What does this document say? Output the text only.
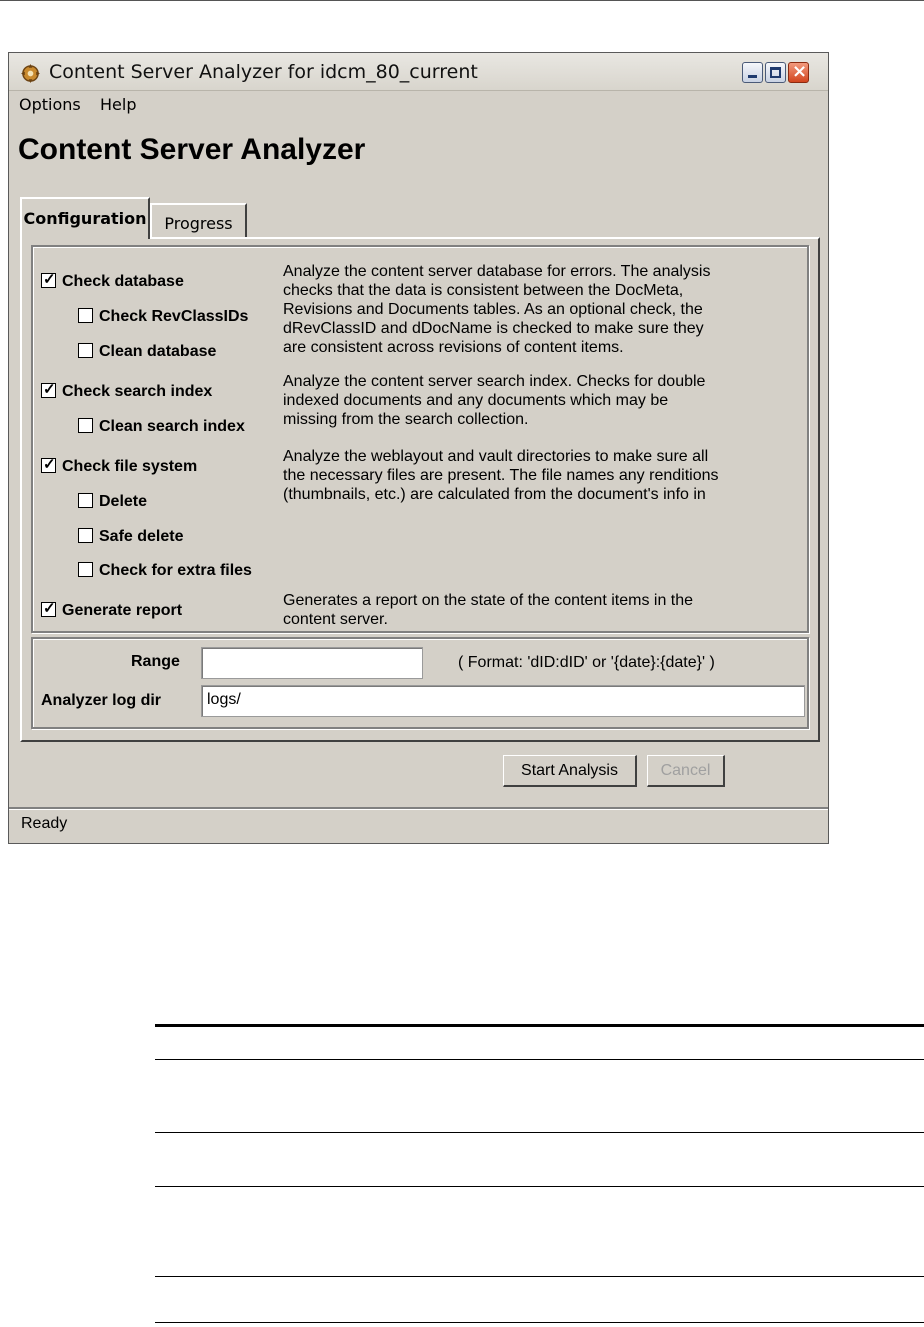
Content Server Analyzer for idcm_80_current	×
Options Help
Content Server Analyzer
Configuration	Progress
✓ Check database
Check RevClassIDs
Clean database
Analyze the content server database for errors. The analysis
checks that the data is consistent between the DocMeta,
Revisions and Documents tables. As an optional check, the
dRevClassID and dDocName is checked to make sure they
are consistent across revisions of content items.
✓ Check search index
Clean search index
Analyze the content server search index. Checks for double
indexed documents and any documents which may be
missing from the search collection.
✓ Check file system
Delete
Safe delete
Check for extra files
Analyze the weblayout and vault directories to make sure all
the necessary files are present. The file names any renditions
(thumbnails, etc.) are calculated from the document's info in
✓ Generate report
Generates a report on the state of the content items in the
content server.
Range	( Format: 'dID:dID' or '{date}:{date}' )
Analyzer log dir	logs/
Start Analysis	Cancel
Ready
